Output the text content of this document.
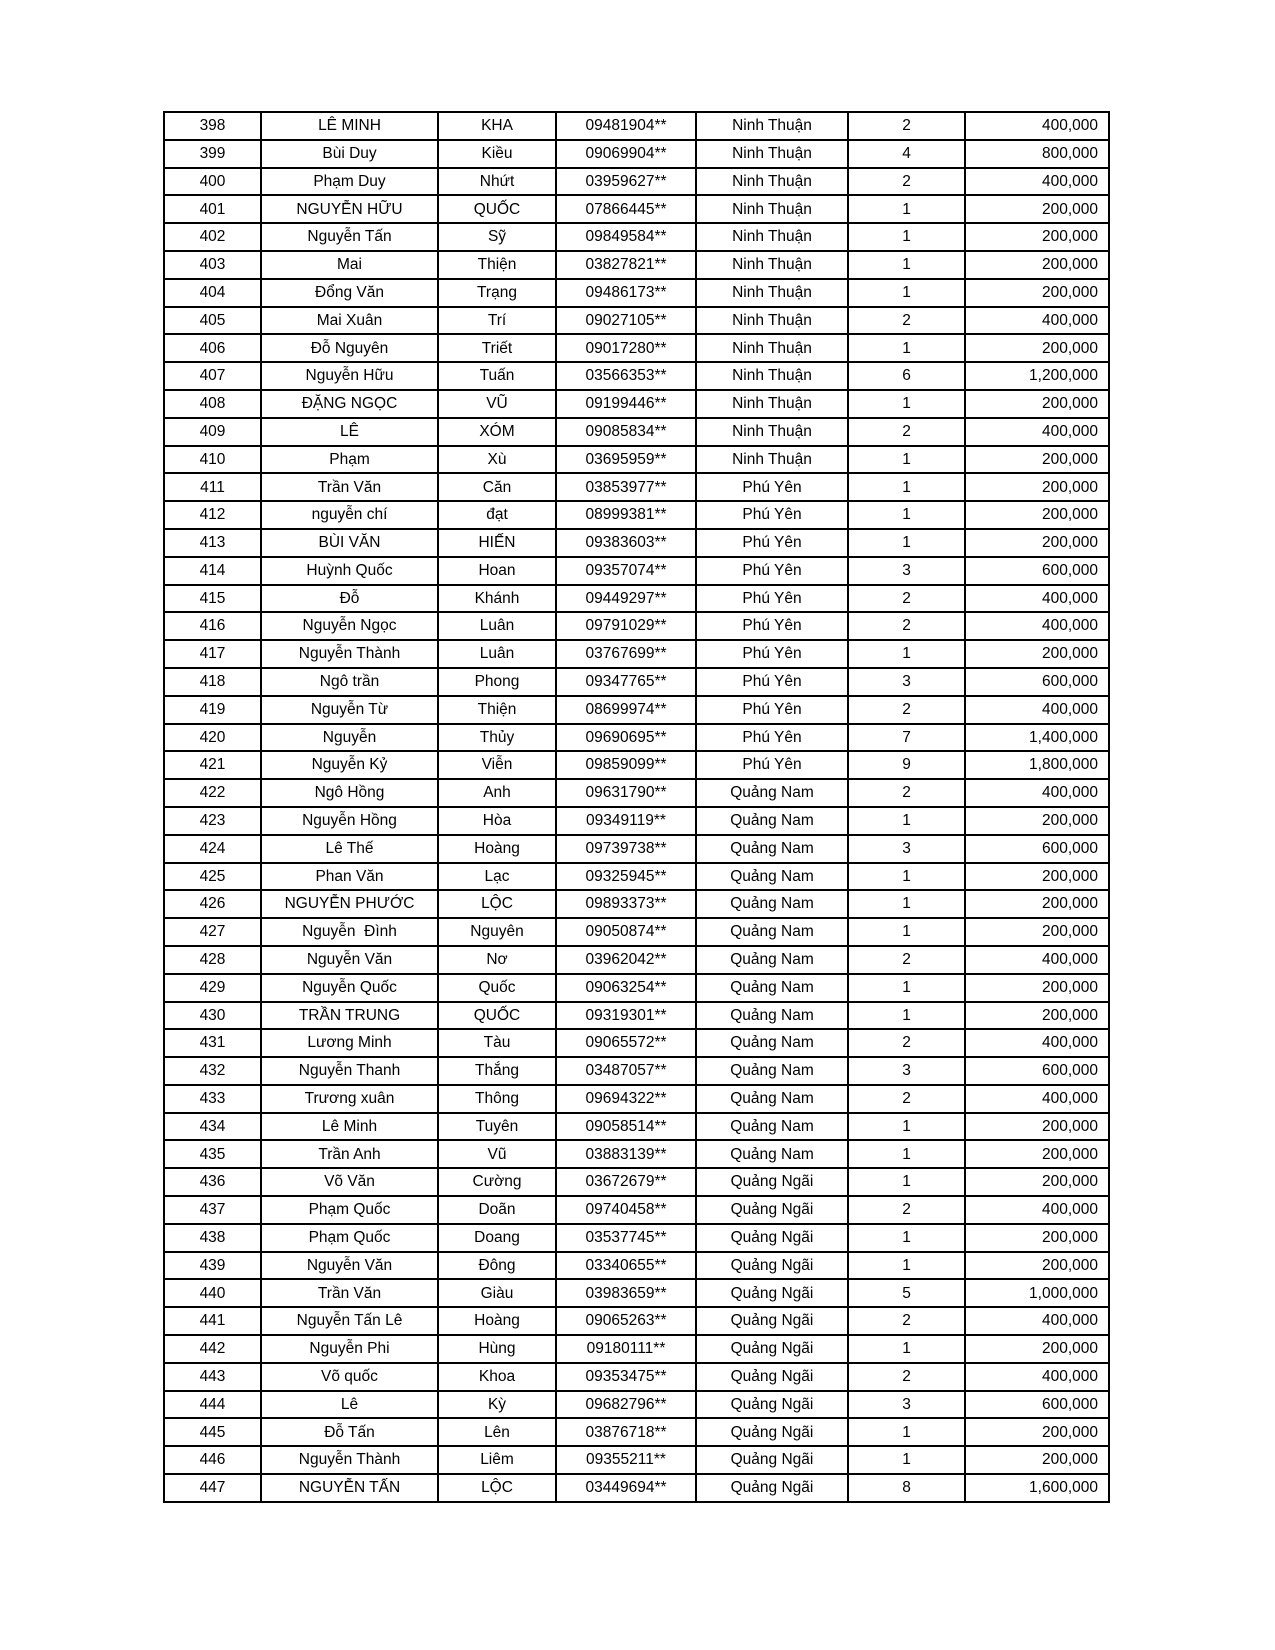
398	LÊ MINH	KHA	09481904**	Ninh Thuận	2	400,000
399	Bùi Duy	Kiều	09069904**	Ninh Thuận	4	800,000
400	Phạm Duy	Nhứt	03959627**	Ninh Thuận	2	400,000
401	NGUYỄN HỮU	QUỐC	07866445**	Ninh Thuận	1	200,000
402	Nguyễn Tấn	Sỹ	09849584**	Ninh Thuận	1	200,000
403	Mai	Thiện	03827821**	Ninh Thuận	1	200,000
404	Đổng Văn	Trạng	09486173**	Ninh Thuận	1	200,000
405	Mai Xuân	Trí	09027105**	Ninh Thuận	2	400,000
406	Đỗ Nguyên	Triết	09017280**	Ninh Thuận	1	200,000
407	Nguyễn Hữu	Tuấn	03566353**	Ninh Thuận	6	1,200,000
408	ĐẶNG NGỌC	VŨ	09199446**	Ninh Thuận	1	200,000
409	LÊ	XÓM	09085834**	Ninh Thuận	2	400,000
410	Phạm	Xù	03695959**	Ninh Thuận	1	200,000
411	Trần Văn	Căn	03853977**	Phú Yên	1	200,000
412	nguyễn chí	đạt	08999381**	Phú Yên	1	200,000
413	BÙI VĂN	HIẾN	09383603**	Phú Yên	1	200,000
414	Huỳnh Quốc	Hoan	09357074**	Phú Yên	3	600,000
415	Đỗ	Khánh	09449297**	Phú Yên	2	400,000
416	Nguyễn Ngọc	Luân	09791029**	Phú Yên	2	400,000
417	Nguyễn Thành	Luân	03767699**	Phú Yên	1	200,000
418	Ngô trần	Phong	09347765**	Phú Yên	3	600,000
419	Nguyễn Từ	Thiện	08699974**	Phú Yên	2	400,000
420	Nguyễn	Thủy	09690695**	Phú Yên	7	1,400,000
421	Nguyễn Kỷ	Viễn	09859099**	Phú Yên	9	1,800,000
422	Ngô Hồng	Anh	09631790**	Quảng Nam	2	400,000
423	Nguyễn Hồng	Hòa	09349119**	Quảng Nam	1	200,000
424	Lê Thế	Hoàng	09739738**	Quảng Nam	3	600,000
425	Phan Văn	Lạc	09325945**	Quảng Nam	1	200,000
426	NGUYỄN PHƯỚC	LỘC	09893373**	Quảng Nam	1	200,000
427	Nguyễn  Đình	Nguyên	09050874**	Quảng Nam	1	200,000
428	Nguyễn Văn	Nơ	03962042**	Quảng Nam	2	400,000
429	Nguyễn Quốc	Quốc	09063254**	Quảng Nam	1	200,000
430	TRẦN TRUNG	QUỐC	09319301**	Quảng Nam	1	200,000
431	Lương Minh	Tàu	09065572**	Quảng Nam	2	400,000
432	Nguyễn Thanh	Thắng	03487057**	Quảng Nam	3	600,000
433	Trương xuân	Thông	09694322**	Quảng Nam	2	400,000
434	Lê Minh	Tuyên	09058514**	Quảng Nam	1	200,000
435	Trần Anh	Vũ	03883139**	Quảng Nam	1	200,000
436	Võ Văn	Cường	03672679**	Quảng Ngãi	1	200,000
437	Phạm Quốc	Doãn	09740458**	Quảng Ngãi	2	400,000
438	Phạm Quốc	Doang	03537745**	Quảng Ngãi	1	200,000
439	Nguyễn Văn	Đông	03340655**	Quảng Ngãi	1	200,000
440	Trần Văn	Giàu	03983659**	Quảng Ngãi	5	1,000,000
441	Nguyễn Tấn Lê	Hoàng	09065263**	Quảng Ngãi	2	400,000
442	Nguyễn Phi	Hùng	09180111**	Quảng Ngãi	1	200,000
443	Võ quốc	Khoa	09353475**	Quảng Ngãi	2	400,000
444	Lê	Kỳ	09682796**	Quảng Ngãi	3	600,000
445	Đỗ Tấn	Lên	03876718**	Quảng Ngãi	1	200,000
446	Nguyễn Thành	Liêm	09355211**	Quảng Ngãi	1	200,000
447	NGUYỄN TẤN	LỘC	03449694**	Quảng Ngãi	8	1,600,000
